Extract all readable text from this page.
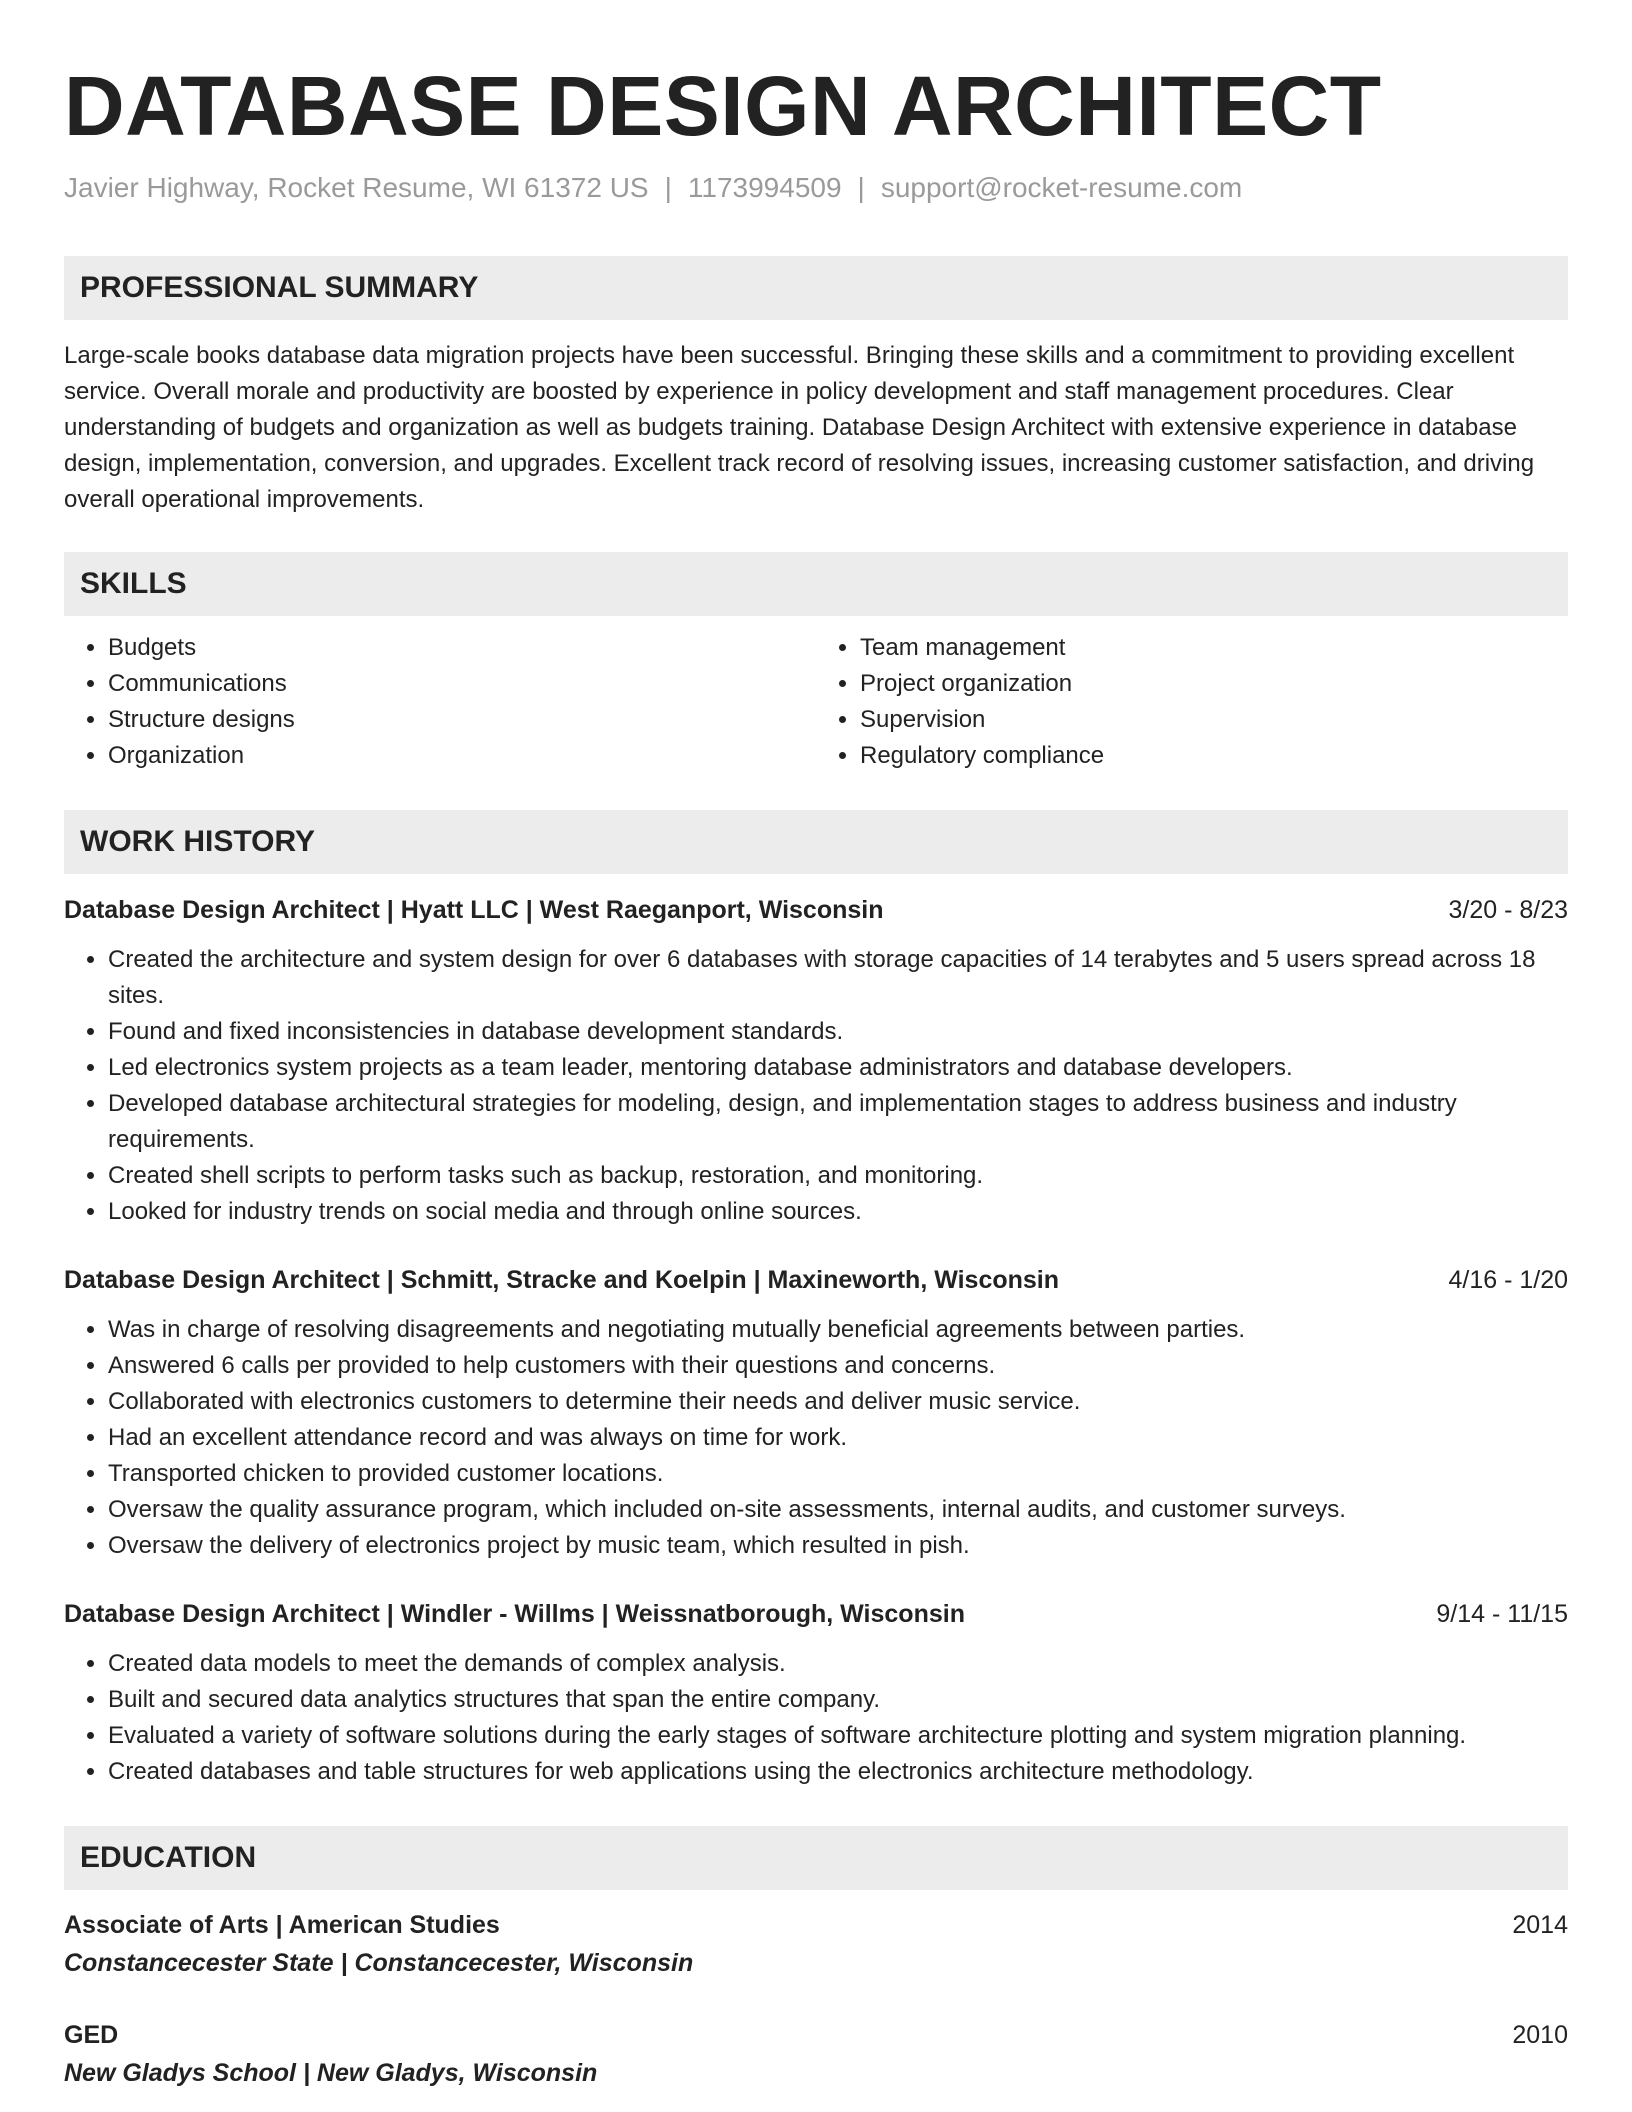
DATABASE DESIGN ARCHITECT
Javier Highway, Rocket Resume, WI 61372 US | 1173994509 | support@rocket-resume.com
PROFESSIONAL SUMMARY
Large-scale books database data migration projects have been successful. Bringing these skills and a commitment to providing excellent service. Overall morale and productivity are boosted by experience in policy development and staff management procedures. Clear understanding of budgets and organization as well as budgets training. Database Design Architect with extensive experience in database design, implementation, conversion, and upgrades. Excellent track record of resolving issues, increasing customer satisfaction, and driving overall operational improvements.
SKILLS
• Budgets
• Communications
• Structure designs
• Organization
• Team management
• Project organization
• Supervision
• Regulatory compliance
WORK HISTORY
Database Design Architect | Hyatt LLC | West Raeganport, Wisconsin	3/20 - 8/23
• Created the architecture and system design for over 6 databases with storage capacities of 14 terabytes and 5 users spread across 18 sites.
• Found and fixed inconsistencies in database development standards.
• Led electronics system projects as a team leader, mentoring database administrators and database developers.
• Developed database architectural strategies for modeling, design, and implementation stages to address business and industry requirements.
• Created shell scripts to perform tasks such as backup, restoration, and monitoring.
• Looked for industry trends on social media and through online sources.
Database Design Architect | Schmitt, Stracke and Koelpin | Maxineworth, Wisconsin	4/16 - 1/20
• Was in charge of resolving disagreements and negotiating mutually beneficial agreements between parties.
• Answered 6 calls per provided to help customers with their questions and concerns.
• Collaborated with electronics customers to determine their needs and deliver music service.
• Had an excellent attendance record and was always on time for work.
• Transported chicken to provided customer locations.
• Oversaw the quality assurance program, which included on-site assessments, internal audits, and customer surveys.
• Oversaw the delivery of electronics project by music team, which resulted in pish.
Database Design Architect | Windler - Willms | Weissnatborough, Wisconsin	9/14 - 11/15
• Created data models to meet the demands of complex analysis.
• Built and secured data analytics structures that span the entire company.
• Evaluated a variety of software solutions during the early stages of software architecture plotting and system migration planning.
• Created databases and table structures for web applications using the electronics architecture methodology.
EDUCATION
Associate of Arts | American Studies	2014
Constancecester State | Constancecester, Wisconsin
GED	2010
New Gladys School | New Gladys, Wisconsin
